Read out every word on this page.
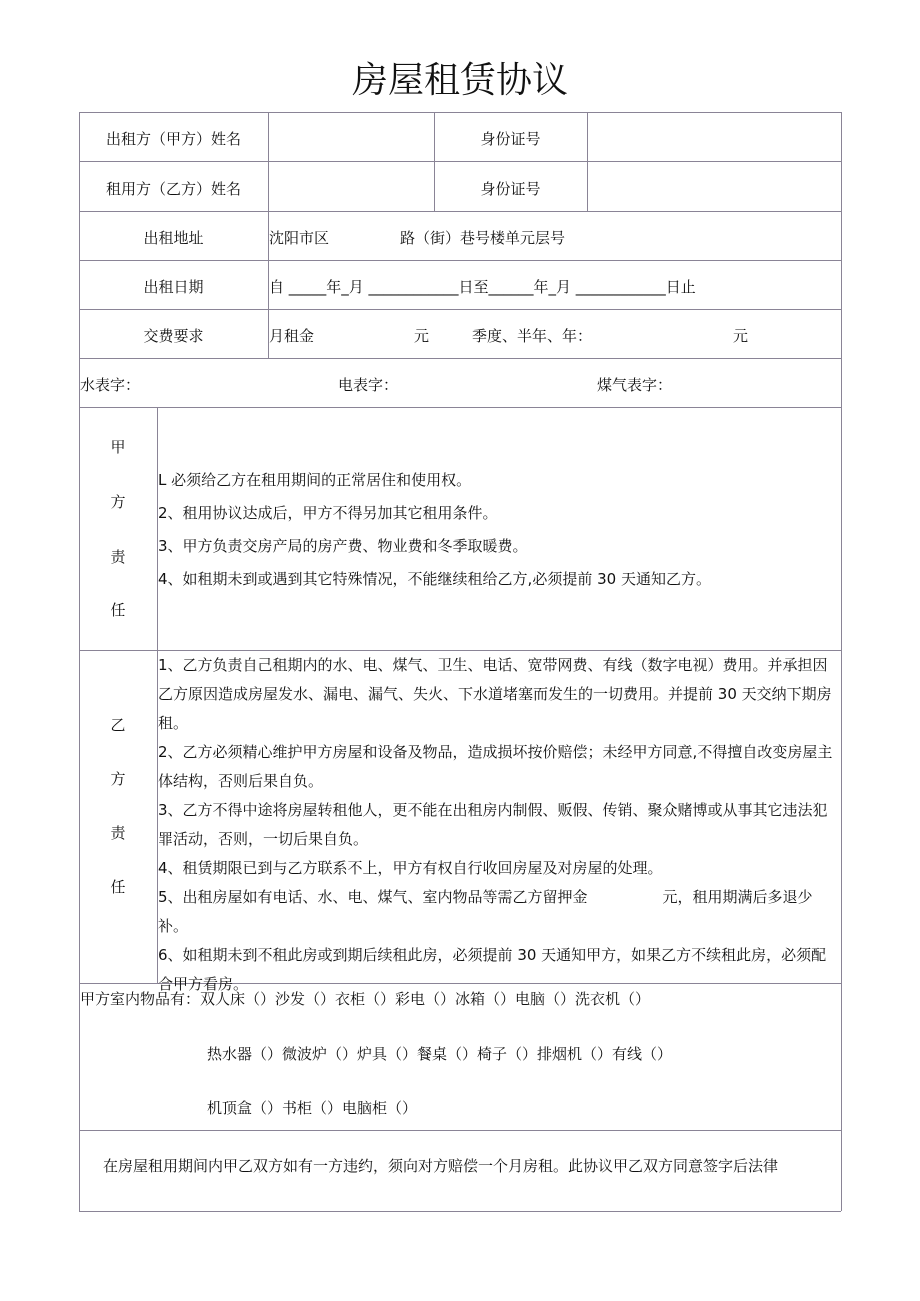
房屋租赁协议
出租方（甲方）姓名	身份证号
租用方（乙方）姓名	身份证号
出租地址	沈阳市区	路（街）巷号楼单元层号
出租日期	自 _____年_月 ____________日至______年_月 ____________日止
交费要求	月租金	元	季度、半年、年：	元
水表字：	电表字：	煤气表字：
甲
方
责
任
L 必须给乙方在租用期间的正常居住和使用权。
2、租用协议达成后，甲方不得另加其它租用条件。
3、甲方负责交房产局的房产费、物业费和冬季取暖费。
4、如租期未到或遇到其它特殊情况，不能继续租给乙方,必须提前 30 天通知乙方。
乙
方
责
任
1、乙方负责自己租期内的水、电、煤气、卫生、电话、宽带网费、有线（数字电视）费用。并承担因乙方原因造成房屋发水、漏电、漏气、失火、下水道堵塞而发生的一切费用。并提前 30 天交纳下期房租。
2、乙方必须精心维护甲方房屋和设备及物品，造成损坏按价赔偿；未经甲方同意,不得擅自改变房屋主体结构，否则后果自负。
3、乙方不得中途将房屋转租他人，更不能在出租房内制假、贩假、传销、聚众赌博或从事其它违法犯罪活动，否则，一切后果自负。
4、租赁期限已到与乙方联系不上，甲方有权自行收回房屋及对房屋的处理。
5、出租房屋如有电话、水、电、煤气、室内物品等需乙方留押金　　　　　元，租用期满后多退少补。
6、如租期未到不租此房或到期后续租此房，必须提前 30 天通知甲方，如果乙方不续租此房，必须配合甲方看房。
甲方室内物品有：双人床（）沙发（）衣柜（）彩电（）冰箱（）电脑（）洗衣机（）
热水器（）微波炉（）炉具（）餐桌（）椅子（）排烟机（）有线（）
机顶盒（）书柜（）电脑柜（）
在房屋租用期间内甲乙双方如有一方违约，须向对方赔偿一个月房租。此协议甲乙双方同意签字后法律
